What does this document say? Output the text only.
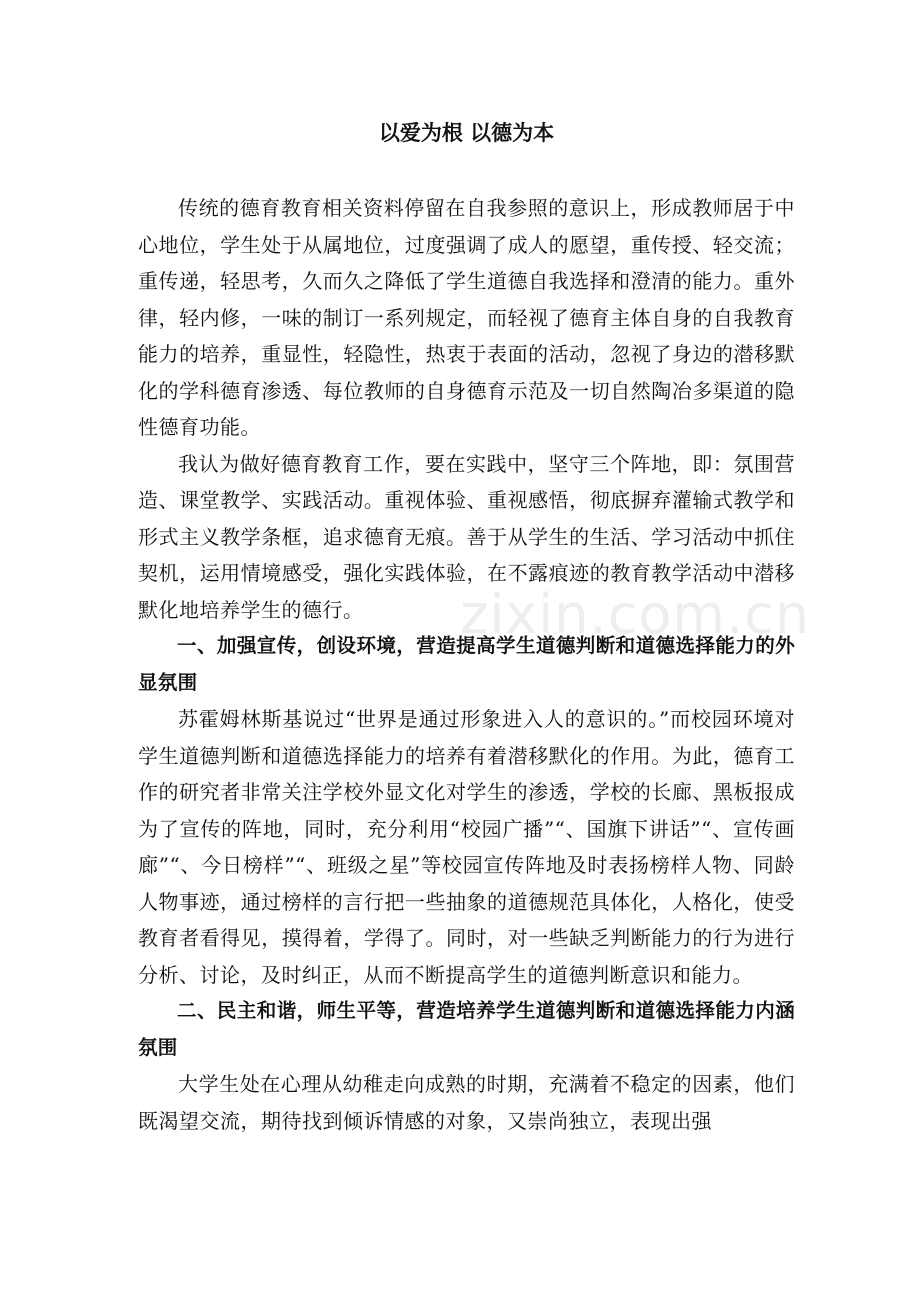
以爱为根 以德为本

传统的德育教育相关资料停留在自我参照的意识上，形成教师居于中心地位，学生处于从属地位，过度强调了成人的愿望，重传授、轻交流；重传递，轻思考，久而久之降低了学生道德自我选择和澄清的能力。重外律，轻内修，一味的制订一系列规定，而轻视了德育主体自身的自我教育能力的培养，重显性，轻隐性，热衷于表面的活动，忽视了身边的潜移默化的学科德育渗透、每位教师的自身德育示范及一切自然陶冶多渠道的隐性德育功能。

我认为做好德育教育工作，要在实践中，坚守三个阵地，即：氛围营造、课堂教学、实践活动。重视体验、重视感悟，彻底摒弃灌输式教学和形式主义教学条框，追求德育无痕。善于从学生的生活、学习活动中抓住契机，运用情境感受，强化实践体验，在不露痕迹的教育教学活动中潜移默化地培养学生的德行。

一、加强宣传，创设环境，营造提高学生道德判断和道德选择能力的外显氛围

苏霍姆林斯基说过“世界是通过形象进入人的意识的。”而校园环境对学生道德判断和道德选择能力的培养有着潜移默化的作用。为此，德育工作的研究者非常关注学校外显文化对学生的渗透，学校的长廊、黑板报成为了宣传的阵地，同时，充分利用“校园广播”“、国旗下讲话”“、宣传画廊”“、今日榜样”“、班级之星”等校园宣传阵地及时表扬榜样人物、同龄人物事迹，通过榜样的言行把一些抽象的道德规范具体化，人格化，使受教育者看得见，摸得着，学得了。同时，对一些缺乏判断能力的行为进行分析、讨论，及时纠正，从而不断提高学生的道德判断意识和能力。

二、民主和谐，师生平等，营造培养学生道德判断和道德选择能力内涵氛围

大学生处在心理从幼稚走向成熟的时期，充满着不稳定的因素，他们既渴望交流，期待找到倾诉情感的对象，又崇尚独立，表现出强

zixin.com.cn
